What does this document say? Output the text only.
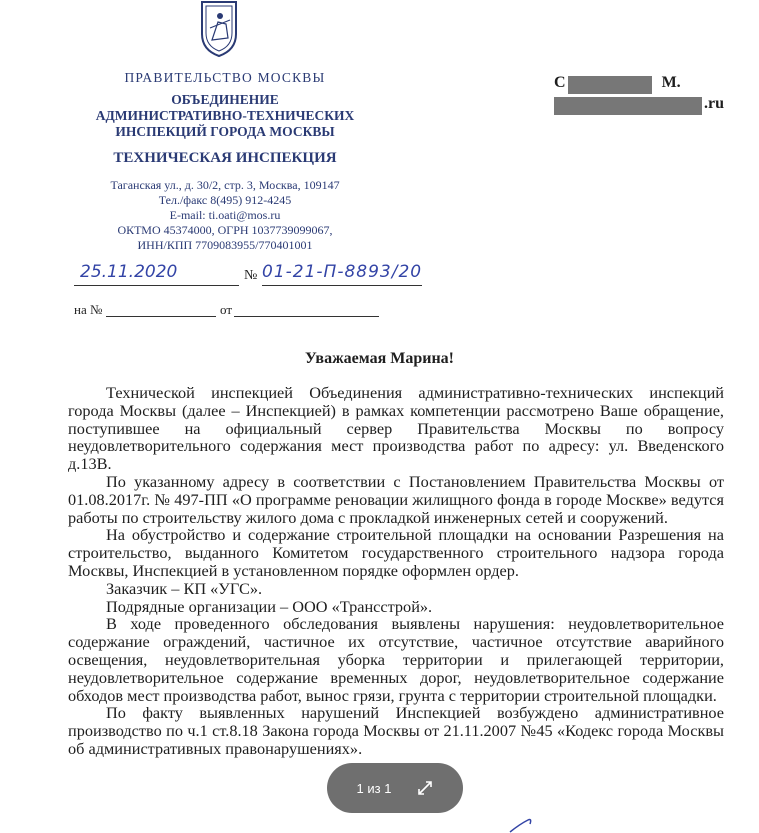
ПРАВИТЕЛЬСТВО МОСКВЫ
ОБЪЕДИНЕНИЕ
АДМИНИСТРАТИВНО-ТЕХНИЧЕСКИХ
ИНСПЕКЦИЙ ГОРОДА МОСКВЫ
ТЕХНИЧЕСКАЯ ИНСПЕКЦИЯ
Таганская ул., д. 30/2, стр. 3, Москва, 109147
Тел./факс 8(495) 912-4245
E-mail: ti.oati@mos.ru
ОКТМО 45374000, ОГРН 1037739099067,
ИНН/КПП 7709083955/770401001
25.11.2020	№ 01-21-П-8893/20
на №	от
С	М.
.ru
Уважаемая Марина!

Технической инспекцией Объединения административно-технических инспекций города Москвы (далее – Инспекцией) в рамках компетенции рассмотрено Ваше обращение, поступившее на официальный сервер Правительства Москвы по вопросу неудовлетворительного содержания мест производства работ по адресу: ул. Введенского д.13В.

По указанному адресу в соответствии с Постановлением Правительства Москвы от 01.08.2017г. № 497-ПП «О программе реновации жилищного фонда в городе Москве» ведутся работы по строительству жилого дома с прокладкой инженерных сетей и сооружений.

На обустройство и содержание строительной площадки на основании Разрешения на строительство, выданного Комитетом государственного строительного надзора города Москвы, Инспекцией в установленном порядке оформлен ордер.

Заказчик – КП «УГС».

Подрядные организации – ООО «Трансстрой».

В ходе проведенного обследования выявлены нарушения: неудовлетворительное содержание ограждений, частичное их отсутствие, частичное отсутствие аварийного освещения, неудовлетворительная уборка территории и прилегающей территории, неудовлетворительное содержание временных дорог, неудовлетворительное содержание обходов мест производства работ, вынос грязи, грунта с территории строительной площадки.

По факту выявленных нарушений Инспекцией возбуждено административное производство по ч.1 ст.8.18 Закона города Москвы от 21.11.2007 №45 «Кодекс города Москвы об административных правонарушениях».

1 из 1
